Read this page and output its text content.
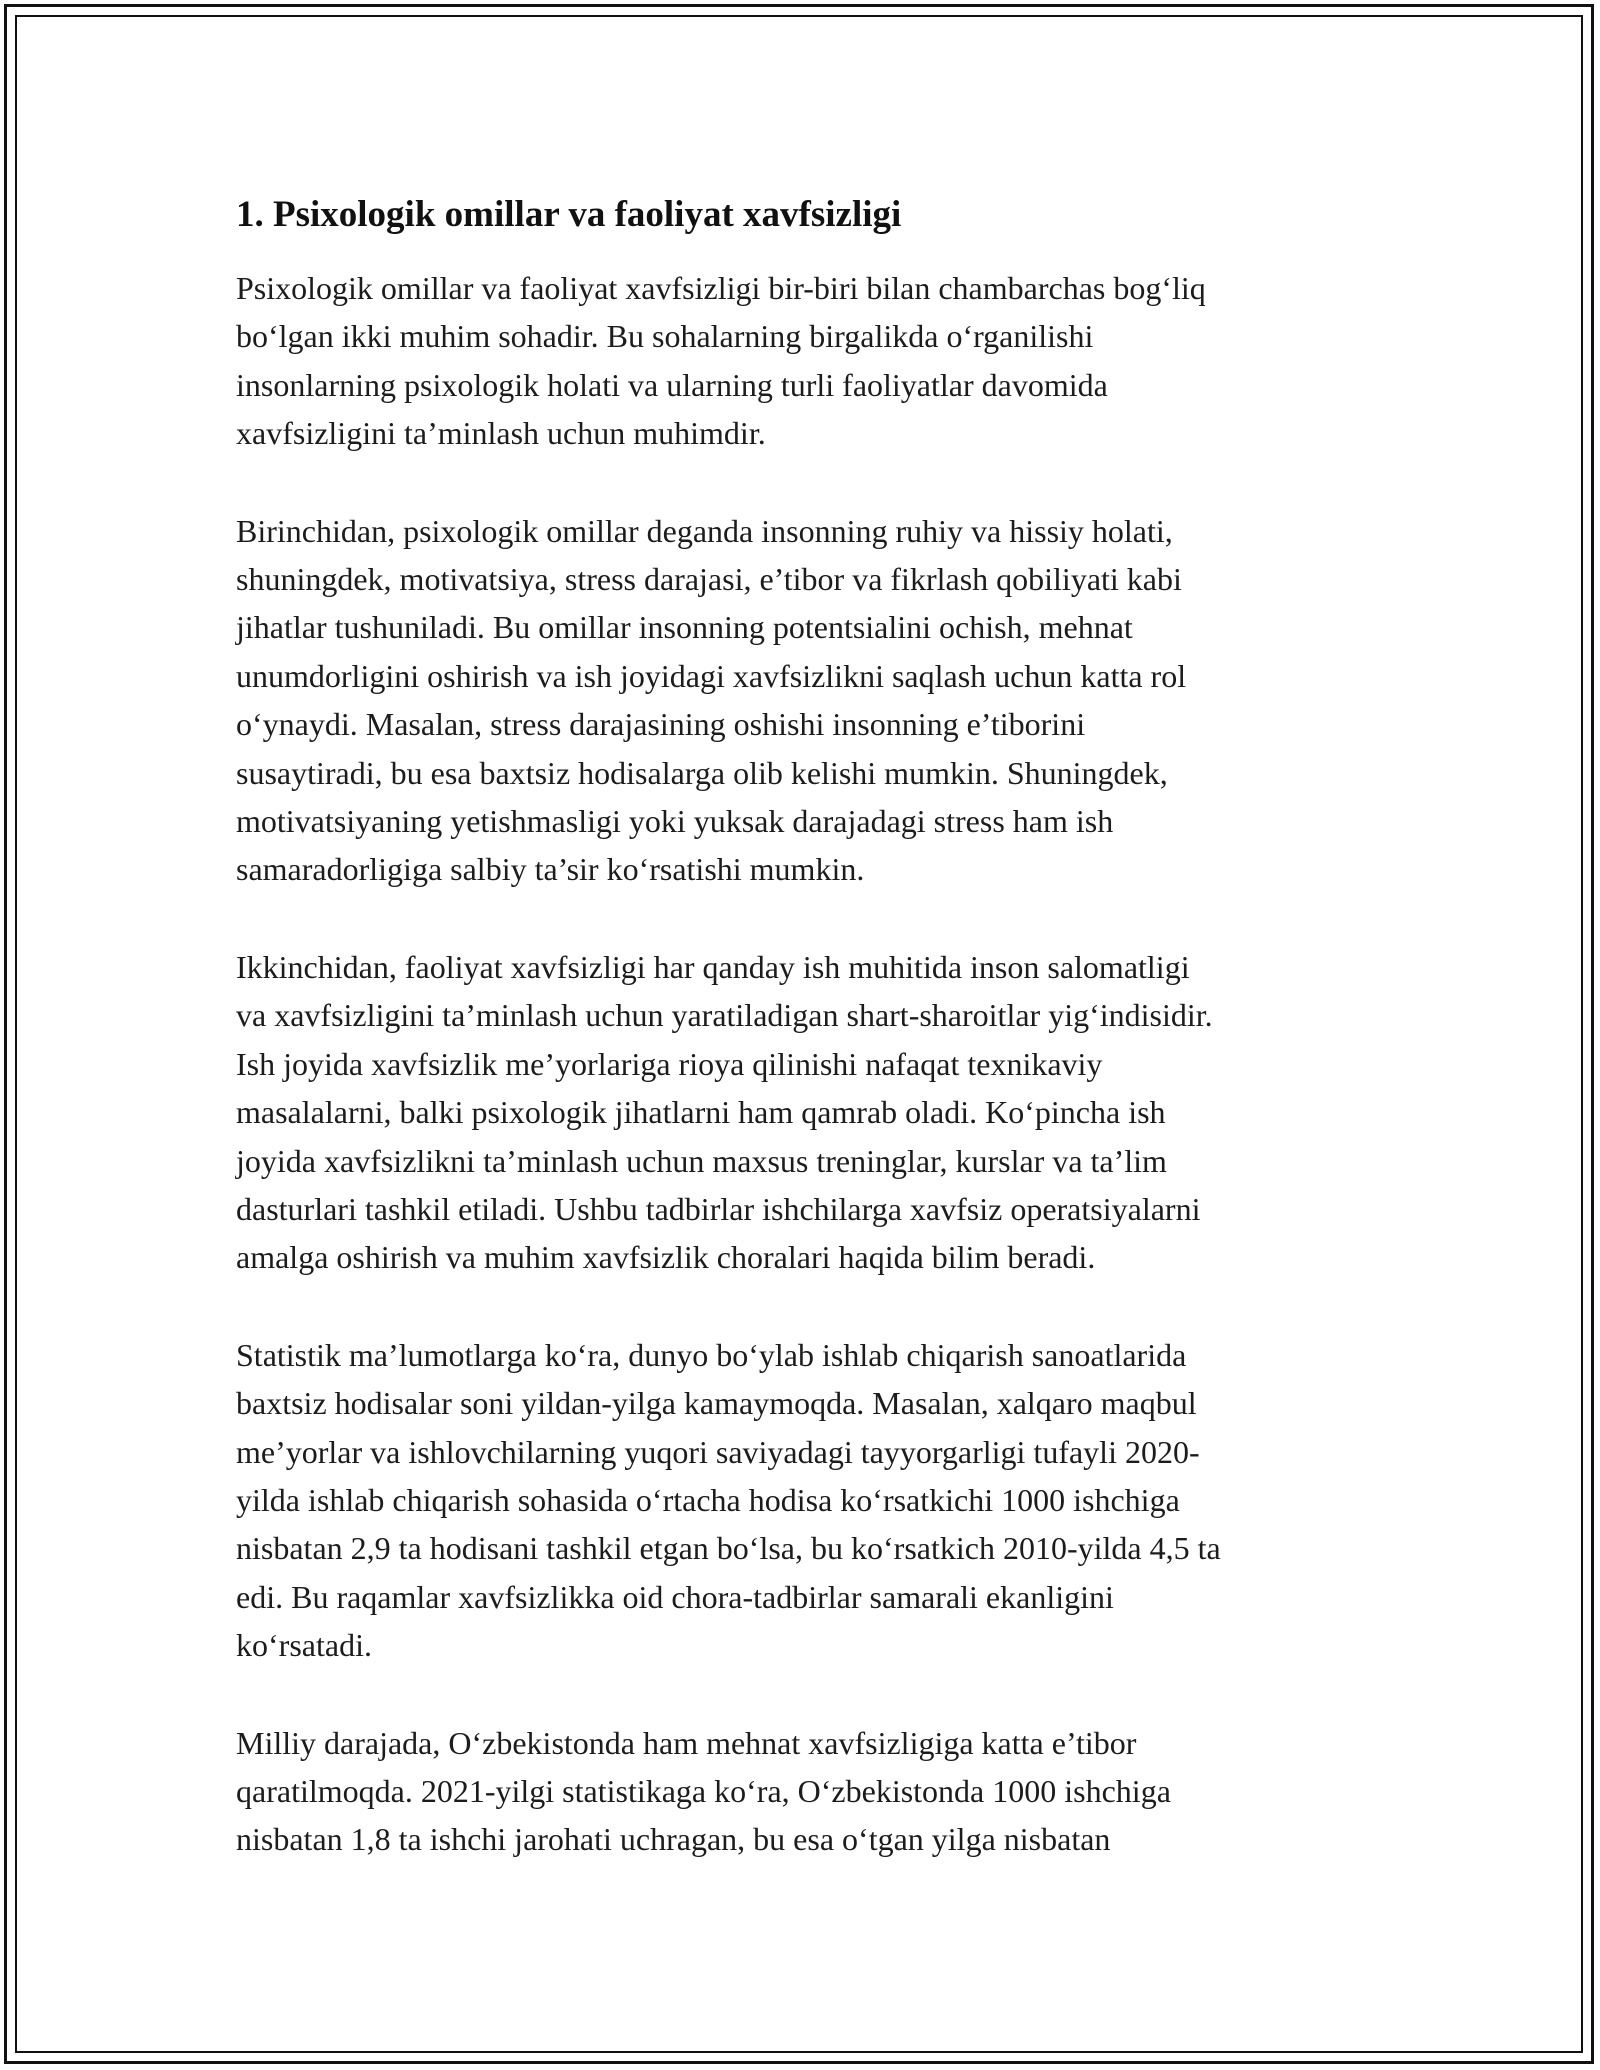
1. Psixologik omillar va faoliyat xavfsizligi

Psixologik omillar va faoliyat xavfsizligi bir-biri bilan chambarchas bog‘liq
bo‘lgan ikki muhim sohadir. Bu sohalarning birgalikda o‘rganilishi
insonlarning psixologik holati va ularning turli faoliyatlar davomida
xavfsizligini ta’minlash uchun muhimdir.

Birinchidan, psixologik omillar deganda insonning ruhiy va hissiy holati,
shuningdek, motivatsiya, stress darajasi, e’tibor va fikrlash qobiliyati kabi
jihatlar tushuniladi. Bu omillar insonning potentsialini ochish, mehnat
unumdorligini oshirish va ish joyidagi xavfsizlikni saqlash uchun katta rol
o‘ynaydi. Masalan, stress darajasining oshishi insonning e’tiborini
susaytiradi, bu esa baxtsiz hodisalarga olib kelishi mumkin. Shuningdek,
motivatsiyaning yetishmasligi yoki yuksak darajadagi stress ham ish
samaradorligiga salbiy ta’sir ko‘rsatishi mumkin.

Ikkinchidan, faoliyat xavfsizligi har qanday ish muhitida inson salomatligi
va xavfsizligini ta’minlash uchun yaratiladigan shart-sharoitlar yig‘indisidir.
Ish joyida xavfsizlik me’yorlariga rioya qilinishi nafaqat texnikaviy
masalalarni, balki psixologik jihatlarni ham qamrab oladi. Ko‘pincha ish
joyida xavfsizlikni ta’minlash uchun maxsus treninglar, kurslar va ta’lim
dasturlari tashkil etiladi. Ushbu tadbirlar ishchilarga xavfsiz operatsiyalarni
amalga oshirish va muhim xavfsizlik choralari haqida bilim beradi.

Statistik ma’lumotlarga ko‘ra, dunyo bo‘ylab ishlab chiqarish sanoatlarida
baxtsiz hodisalar soni yildan-yilga kamaymoqda. Masalan, xalqaro maqbul
me’yorlar va ishlovchilarning yuqori saviyadagi tayyorgarligi tufayli 2020-
yilda ishlab chiqarish sohasida o‘rtacha hodisa ko‘rsatkichi 1000 ishchiga
nisbatan 2,9 ta hodisani tashkil etgan bo‘lsa, bu ko‘rsatkich 2010-yilda 4,5 ta
edi. Bu raqamlar xavfsizlikka oid chora-tadbirlar samarali ekanligini
ko‘rsatadi.

Milliy darajada, O‘zbekistonda ham mehnat xavfsizligiga katta e’tibor
qaratilmoqda. 2021-yilgi statistikaga ko‘ra, O‘zbekistonda 1000 ishchiga
nisbatan 1,8 ta ishchi jarohati uchragan, bu esa o‘tgan yilga nisbatan
